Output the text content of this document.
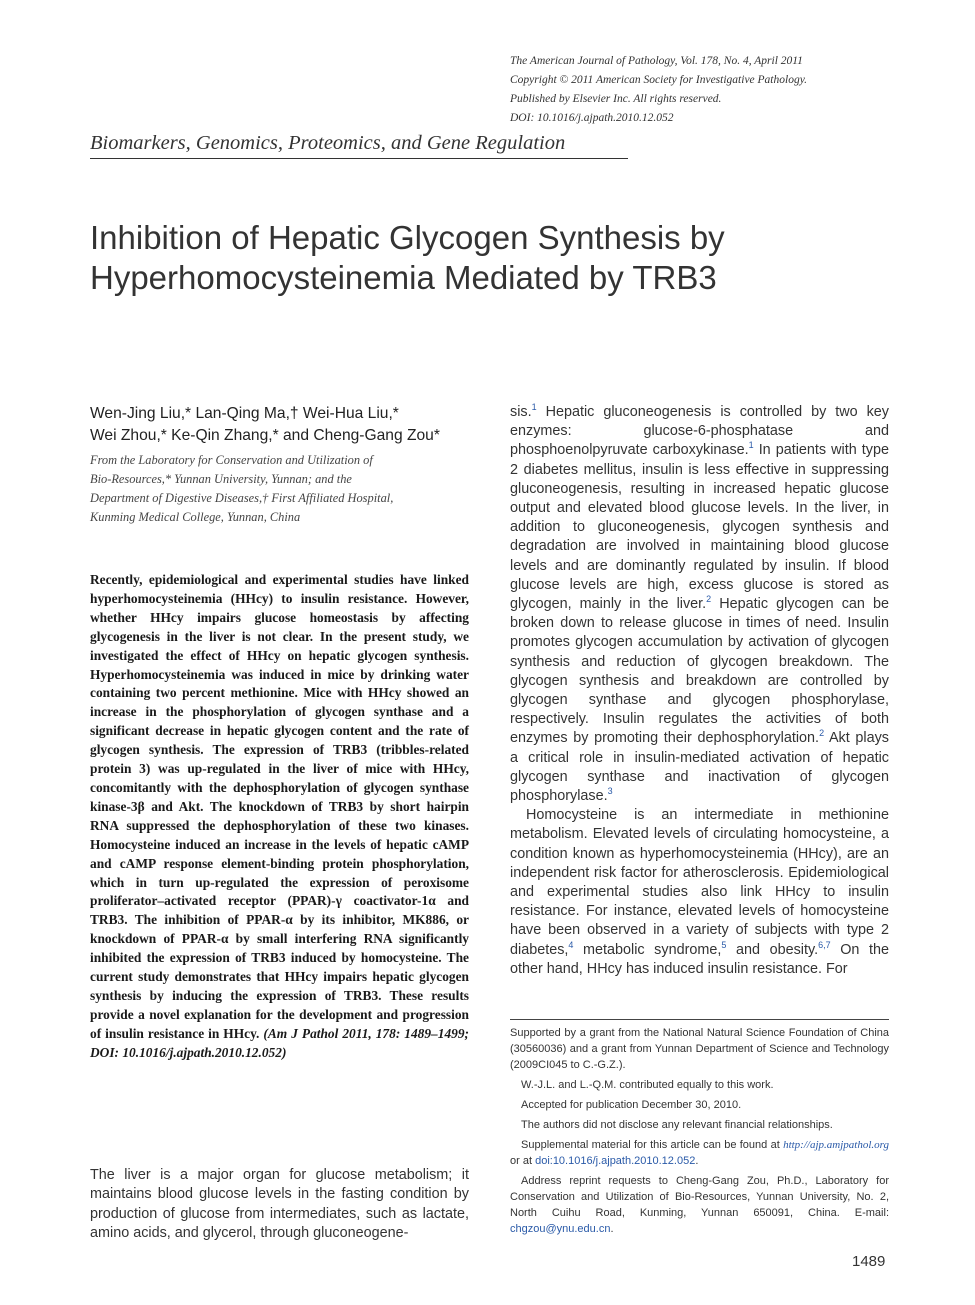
The American Journal of Pathology, Vol. 178, No. 4, April 2011
Copyright © 2011 American Society for Investigative Pathology.
Published by Elsevier Inc. All rights reserved.
DOI: 10.1016/j.ajpath.2010.12.052
Biomarkers, Genomics, Proteomics, and Gene Regulation
Inhibition of Hepatic Glycogen Synthesis by
Hyperhomocysteinemia Mediated by TRB3
Wen-Jing Liu,* Lan-Qing Ma,† Wei-Hua Liu,*
Wei Zhou,* Ke-Qin Zhang,* and Cheng-Gang Zou*
From the Laboratory for Conservation and Utilization of
Bio-Resources,* Yunnan University, Yunnan; and the
Department of Digestive Diseases,† First Affiliated Hospital,
Kunming Medical College, Yunnan, China

Recently, epidemiological and experimental studies have linked hyperhomocysteinemia (HHcy) to insulin resistance. However, whether HHcy impairs glucose homeostasis by affecting glycogenesis in the liver is not clear. In the present study, we investigated the effect of HHcy on hepatic glycogen synthesis. Hyperhomocysteinemia was induced in mice by drinking water containing two percent methionine. Mice with HHcy showed an increase in the phosphorylation of glycogen synthase and a significant decrease in hepatic glycogen content and the rate of glycogen synthesis. The expression of TRB3 (tribbles-related protein 3) was up-regulated in the liver of mice with HHcy, concomitantly with the dephosphorylation of glycogen synthase kinase-3β and Akt. The knockdown of TRB3 by short hairpin RNA suppressed the dephosphorylation of these two kinases. Homocysteine induced an increase in the levels of hepatic cAMP and cAMP response element-binding protein phosphorylation, which in turn up-regulated the expression of peroxisome proliferator–activated receptor (PPAR)-γ coactivator-1α and TRB3. The inhibition of PPAR-α by its inhibitor, MK886, or knockdown of PPAR-α by small interfering RNA significantly inhibited the expression of TRB3 induced by homocysteine. The current study demonstrates that HHcy impairs hepatic glycogen synthesis by inducing the expression of TRB3. These results provide a novel explanation for the development and progression of insulin resistance in HHcy. (Am J Pathol 2011, 178: 1489–1499; DOI: 10.1016/j.ajpath.2010.12.052)

The liver is a major organ for glucose metabolism; it maintains blood glucose levels in the fasting condition by production of glucose from intermediates, such as lactate, amino acids, and glycerol, through gluconeogene-

sis.$^1$ Hepatic gluconeogenesis is controlled by two key enzymes: glucose-6-phosphatase and phosphoenolpyruvate carboxykinase.$^1$ In patients with type 2 diabetes mellitus, insulin is less effective in suppressing gluconeogenesis, resulting in increased hepatic glucose output and elevated blood glucose levels. In the liver, in addition to gluconeogenesis, glycogen synthesis and degradation are involved in maintaining blood glucose levels and are dominantly regulated by insulin. If blood glucose levels are high, excess glucose is stored as glycogen, mainly in the liver.$^2$ Hepatic glycogen can be broken down to release glucose in times of need. Insulin promotes glycogen accumulation by activation of glycogen synthesis and reduction of glycogen breakdown. The glycogen synthesis and breakdown are controlled by glycogen synthase and glycogen phosphorylase, respectively. Insulin regulates the activities of both enzymes by promoting their dephosphorylation.$^2$ Akt plays a critical role in insulin-mediated activation of hepatic glycogen synthase and inactivation of glycogen phosphorylase.$^3$

Homocysteine is an intermediate in methionine metabolism. Elevated levels of circulating homocysteine, a condition known as hyperhomocysteinemia (HHcy), are an independent risk factor for atherosclerosis. Epidemiological and experimental studies also link HHcy to insulin resistance. For instance, elevated levels of homocysteine have been observed in a variety of subjects with type 2 diabetes,$^4$ metabolic syndrome,$^5$ and obesity.$^{6,7}$ On the other hand, HHcy has induced insulin resistance. For

Supported by a grant from the National Natural Science Foundation of China (30560036) and a grant from Yunnan Department of Science and Technology (2009CI045 to C.-G.Z.).

W.-J.L. and L.-Q.M. contributed equally to this work.

Accepted for publication December 30, 2010.

The authors did not disclose any relevant financial relationships.

Supplemental material for this article can be found at http://ajp.amjpathol.org or at doi:10.1016/j.ajpath.2010.12.052.

Address reprint requests to Cheng-Gang Zou, Ph.D., Laboratory for Conservation and Utilization of Bio-Resources, Yunnan University, No. 2, North Cuihu Road, Kunming, Yunnan 650091, China. E-mail: chgzou@ynu.edu.cn.

1489
